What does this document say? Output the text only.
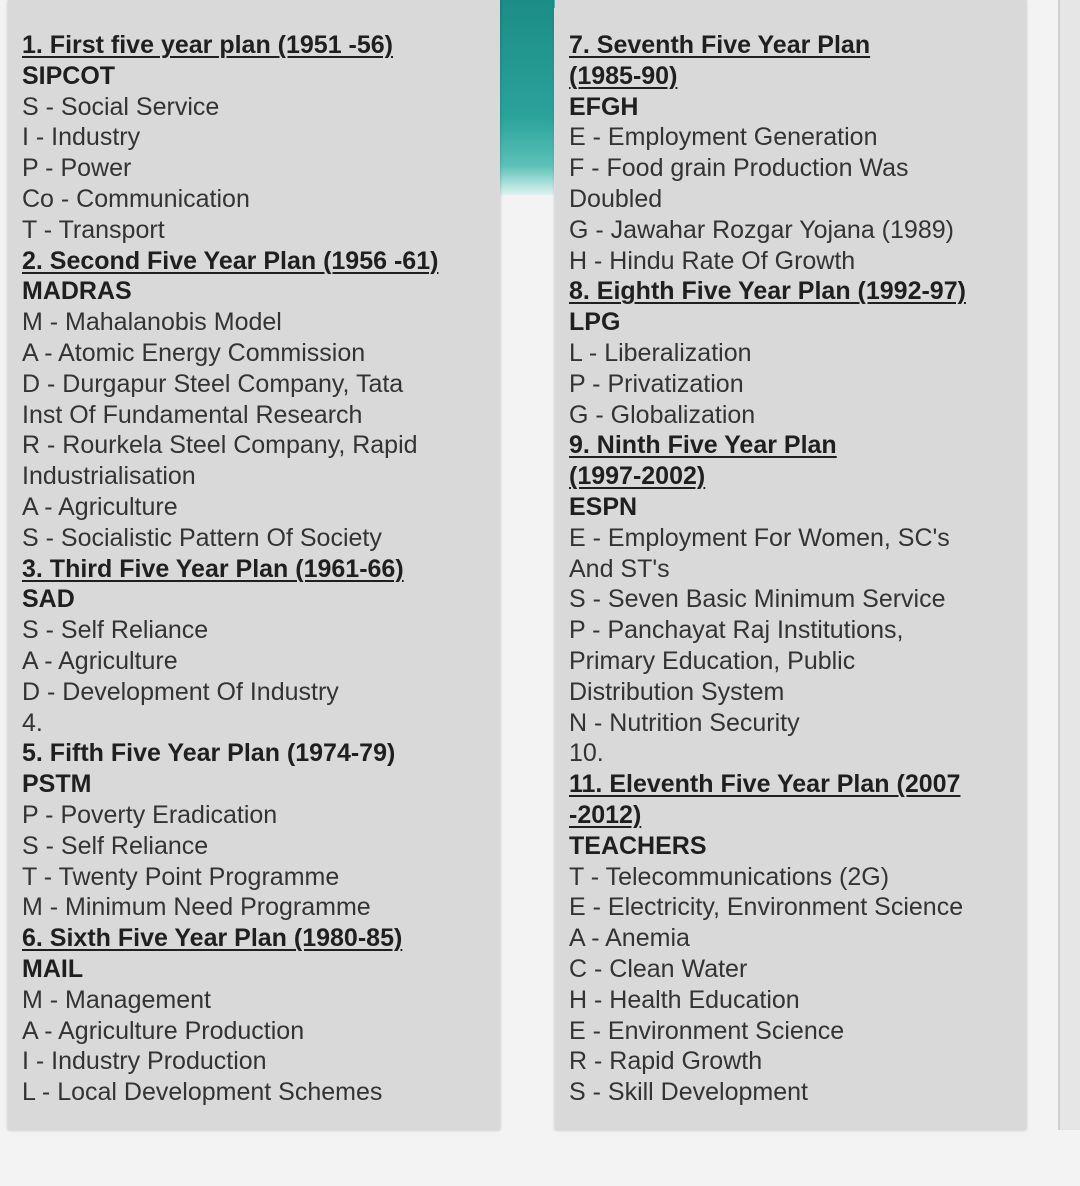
1. First five year plan (1951 -56)
SIPCOT
S - Social Service
I - Industry
P - Power
Co - Communication
T - Transport
2. Second Five Year Plan (1956 -61)
MADRAS
M - Mahalanobis Model
A - Atomic Energy Commission
D - Durgapur Steel Company, Tata
Inst Of Fundamental Research
R - Rourkela Steel Company, Rapid
Industrialisation
A - Agriculture
S - Socialistic Pattern Of Society
3. Third Five Year Plan (1961-66)
SAD
S - Self Reliance
A - Agriculture
D - Development Of Industry
4.
5. Fifth Five Year Plan (1974-79)
PSTM
P - Poverty Eradication
S - Self Reliance
T - Twenty Point Programme
M - Minimum Need Programme
6. Sixth Five Year Plan (1980-85)
MAIL
M - Management
A - Agriculture Production
I - Industry Production
L - Local Development Schemes
7. Seventh Five Year Plan
(1985-90)
EFGH
E - Employment Generation
F - Food grain Production Was
Doubled
G - Jawahar Rozgar Yojana (1989)
H - Hindu Rate Of Growth
8. Eighth Five Year Plan (1992-97)
LPG
L - Liberalization
P - Privatization
G - Globalization
9. Ninth Five Year Plan
(1997-2002)
ESPN
E - Employment For Women, SC's
And ST's
S - Seven Basic Minimum Service
P - Panchayat Raj Institutions,
Primary Education, Public
Distribution System
N - Nutrition Security
10.
11. Eleventh Five Year Plan (2007
-2012)
TEACHERS
T - Telecommunications (2G)
E - Electricity, Environment Science
A - Anemia
C - Clean Water
H - Health Education
E - Environment Science
R - Rapid Growth
S - Skill Development
